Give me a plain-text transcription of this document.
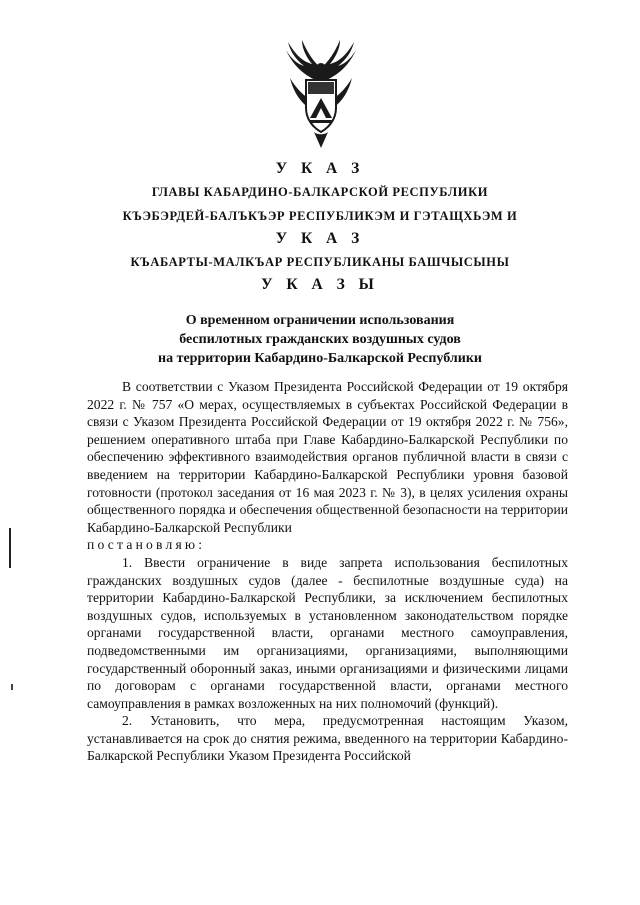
У К А З
ГЛАВЫ КАБАРДИНО-БАЛКАРСКОЙ РЕСПУБЛИКИ
КЪЭБЭРДЕЙ-БАЛЪКЪЭР РЕСПУБЛИКЭМ И ГЭТАЩХЬЭМ И
У К А З
КЪАБАРТЫ-МАЛКЪАР РЕСПУБЛИКАНЫ БАШЧЫСЫНЫ
У К А З Ы
О временном ограничении использования
беспилотных гражданских воздушных судов
на территории Кабардино-Балкарской Республики

В соответствии с Указом Президента Российской Федерации от 19 октября 2022 г. № 757 «О мерах, осуществляемых в субъектах Российской Федерации в связи с Указом Президента Российской Федерации от 19 октября 2022 г. № 756», решением оперативного штаба при Главе Кабардино-Балкарской Республики по обеспечению эффективного взаимодействия органов публичной власти в связи с введением на территории Кабардино-Балкарской Республики уровня базовой готовности (протокол заседания от 16 мая 2023 г. № 3), в целях усиления охраны общественного порядка и обеспечения общественной безопасности на территории Кабардино-Балкарской Республики

постановляю:

1. Ввести ограничение в виде запрета использования беспилотных гражданских воздушных судов (далее - беспилотные воздушные суда) на территории Кабардино-Балкарской Республики, за исключением беспилотных воздушных судов, используемых в установленном законодательством порядке органами государственной власти, органами местного самоуправления, подведомственными им организациями, организациями, выполняющими государственный оборонный заказ, иными организациями и физическими лицами по договорам с органами государственной власти, органами местного самоуправления в рамках возложенных на них полномочий (функций).

2. Установить, что мера, предусмотренная настоящим Указом, устанавливается на срок до снятия режима, введенного на территории Кабардино-Балкарской Республики Указом Президента Российской
